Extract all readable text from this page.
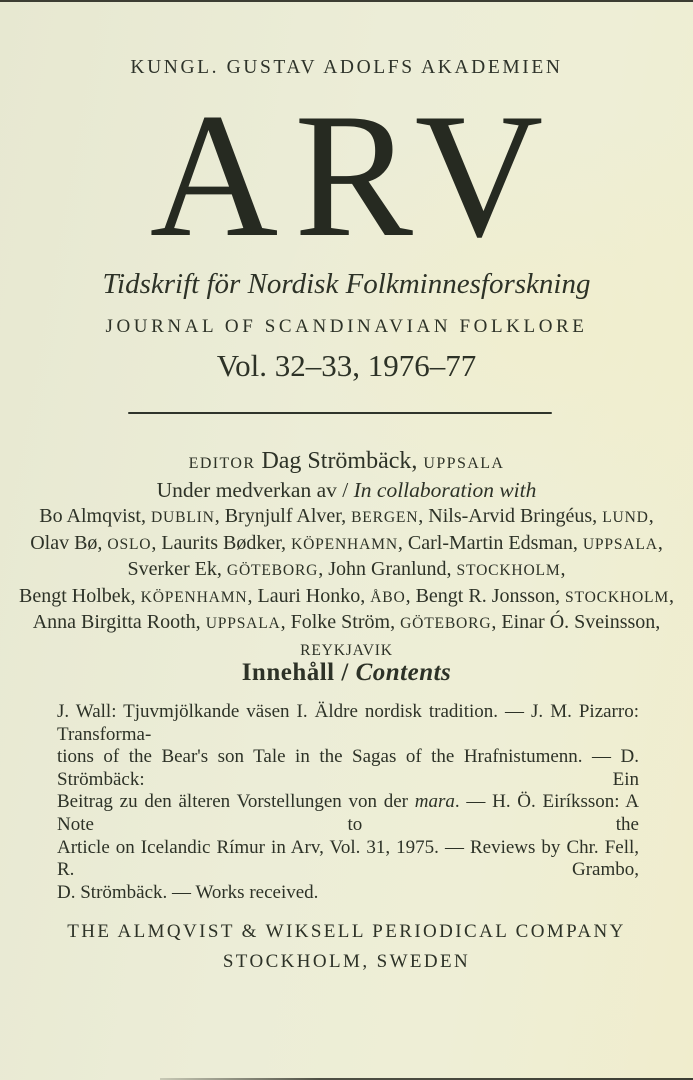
KUNGL. GUSTAV ADOLFS AKADEMIEN
ARV
Tidskrift för Nordisk Folkminnesforskning
JOURNAL OF SCANDINAVIAN FOLKLORE
Vol. 32–33, 1976–77
EDITOR Dag Strömbäck, UPPSALA
Under medverkan av / In collaboration with
Bo Almqvist, DUBLIN, Brynjulf Alver, BERGEN, Nils-Arvid Bringéus, LUND,
Olav Bø, OSLO, Laurits Bødker, KÖPENHAMN, Carl-Martin Edsman, UPPSALA,
Sverker Ek, GÖTEBORG, John Granlund, STOCKHOLM,
Bengt Holbek, KÖPENHAMN, Lauri Honko, ÅBO, Bengt R. Jonsson, STOCKHOLM,
Anna Birgitta Rooth, UPPSALA, Folke Ström, GÖTEBORG, Einar Ó. Sveinsson, REYKJAVIK
Innehåll / Contents
J. Wall: Tjuvmjölkande väsen I. Äldre nordisk tradition. — J. M. Pizarro: Transforma-
tions of the Bear's son Tale in the Sagas of the Hrafnistumenn. — D. Strömbäck: Ein
Beitrag zu den älteren Vorstellungen von der mara. — H. Ö. Eiríksson: A Note to the
Article on Icelandic Rímur in Arv, Vol. 31, 1975. — Reviews by Chr. Fell, R. Grambo,
D. Strömbäck. — Works received.
THE ALMQVIST & WIKSELL PERIODICAL COMPANY
STOCKHOLM, SWEDEN
